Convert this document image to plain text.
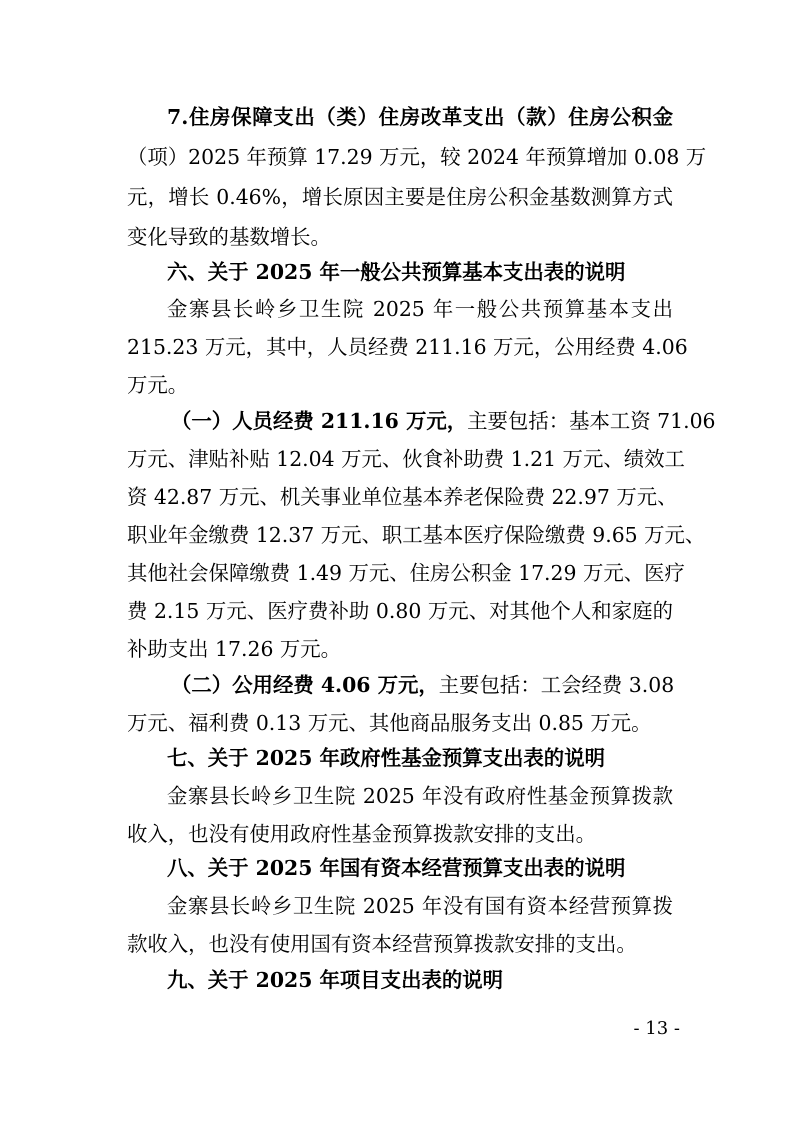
7.住房保障支出（类）住房改革支出（款）住房公积金
（项）2025 年预算 17.29 万元，较 2024 年预算增加 0.08 万
元，增长 0.46%，增长原因主要是住房公积金基数测算方式
变化导致的基数增长。
六、关于 2025 年一般公共预算基本支出表的说明
金寨县长岭乡卫生院 2025 年一般公共预算基本支出
215.23 万元，其中，人员经费 211.16 万元，公用经费 4.06
万元。
（一）人员经费 211.16 万元，主要包括：基本工资 71.06
万元、津贴补贴 12.04 万元、伙食补助费 1.21 万元、绩效工
资 42.87 万元、机关事业单位基本养老保险费 22.97 万元、
职业年金缴费 12.37 万元、职工基本医疗保险缴费 9.65 万元、
其他社会保障缴费 1.49 万元、住房公积金 17.29 万元、医疗
费 2.15 万元、医疗费补助 0.80 万元、对其他个人和家庭的
补助支出 17.26 万元。
（二）公用经费 4.06 万元，主要包括：工会经费 3.08
万元、福利费 0.13 万元、其他商品服务支出 0.85 万元。
七、关于 2025 年政府性基金预算支出表的说明
金寨县长岭乡卫生院 2025 年没有政府性基金预算拨款
收入，也没有使用政府性基金预算拨款安排的支出。
八、关于 2025 年国有资本经营预算支出表的说明
金寨县长岭乡卫生院 2025 年没有国有资本经营预算拨
款收入，也没有使用国有资本经营预算拨款安排的支出。
九、关于 2025 年项目支出表的说明
- 13 -
